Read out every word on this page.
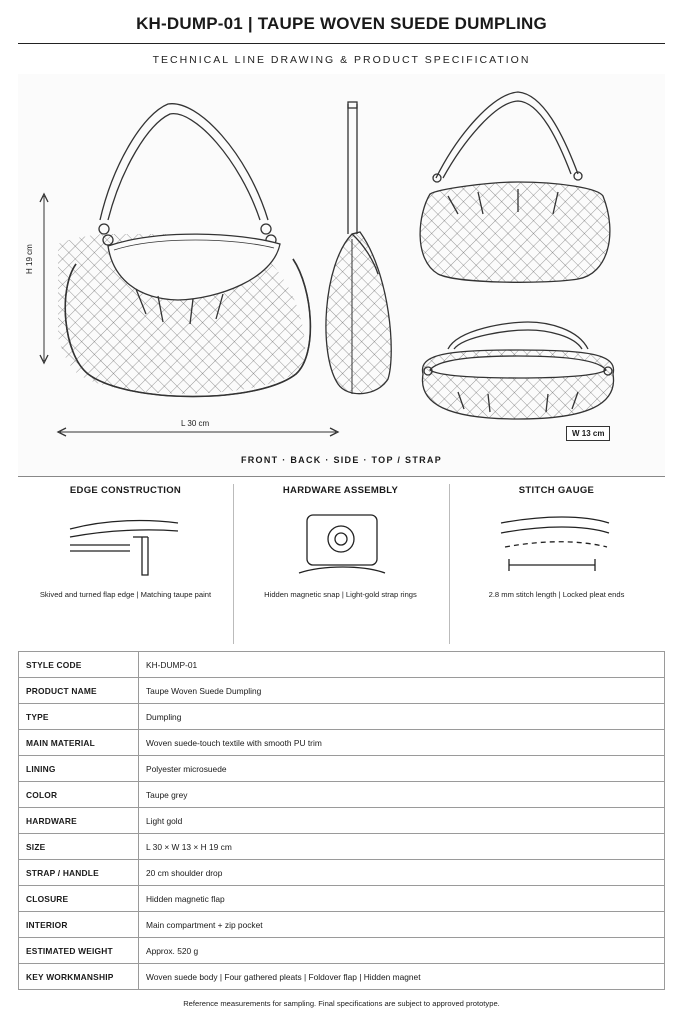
KH-DUMP-01 | TAUPE WOVEN SUEDE DUMPLING
TECHNICAL LINE DRAWING & PRODUCT SPECIFICATION
H 19 cm
L 30 cm
W 13 cm
FRONT · BACK · SIDE · TOP / STRAP
EDGE CONSTRUCTION
Skived and turned flap edge | Matching taupe paint
HARDWARE ASSEMBLY
Hidden magnetic snap | Light-gold strap rings
STITCH GAUGE
2.8 mm stitch length | Locked pleat ends
STYLE CODE	KH-DUMP-01
PRODUCT NAME	Taupe Woven Suede Dumpling
TYPE	Dumpling
MAIN MATERIAL	Woven suede-touch textile with smooth PU trim
LINING	Polyester microsuede
COLOR	Taupe grey
HARDWARE	Light gold
SIZE	L 30 × W 13 × H 19 cm
STRAP / HANDLE	20 cm shoulder drop
CLOSURE	Hidden magnetic flap
INTERIOR	Main compartment + zip pocket
ESTIMATED WEIGHT	Approx. 520 g
KEY WORKMANSHIP	Woven suede body | Four gathered pleats | Foldover flap | Hidden magnet
Reference measurements for sampling. Final specifications are subject to approved prototype.
